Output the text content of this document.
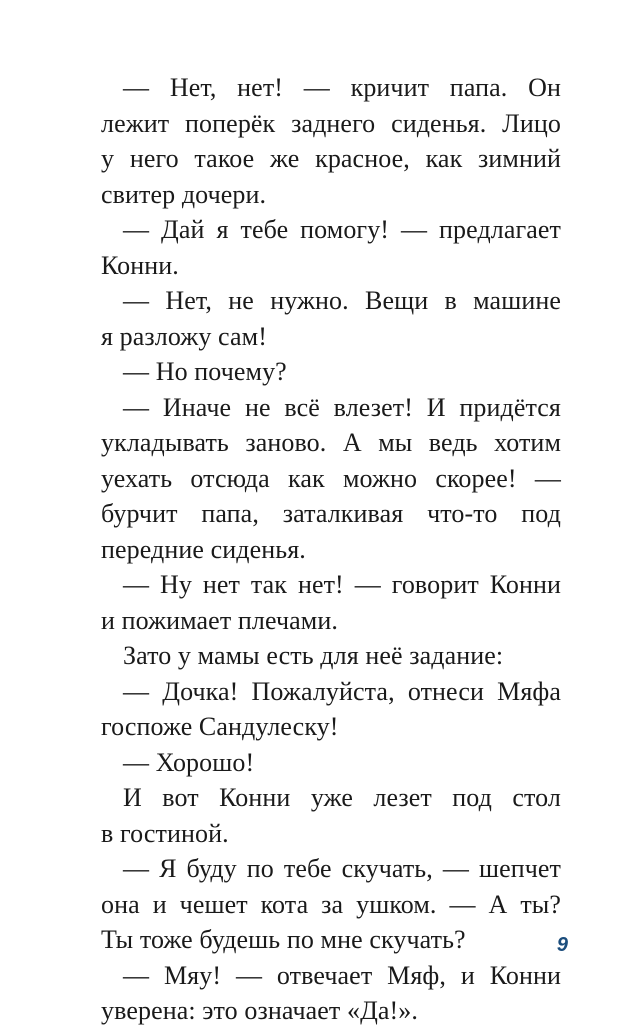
— Нет, нет! — кричит папа. Он
лежит поперёк заднего сиденья. Лицо
у него такое же красное, как зимний
свитер дочери.
— Дай я тебе помогу! — предлагает
Конни.
— Нет, не нужно. Вещи в машине
я разложу сам!
— Но почему?
— Иначе не всё влезет! И придётся
укладывать заново. А мы ведь хотим
уехать отсюда как можно скорее! —
бурчит папа, заталкивая что-то под
передние сиденья.
— Ну нет так нет! — говорит Конни
и пожимает плечами.
Зато у мамы есть для неё задание:
— Дочка! Пожалуйста, отнеси Мяфа
госпоже Сандулеску!
— Хорошо!
И вот Конни уже лезет под стол
в гостиной.
— Я буду по тебе скучать, — шепчет
она и чешет кота за ушком. — А ты?
Ты тоже будешь по мне скучать?
— Мяу! — отвечает Мяф, и Конни
уверена: это означает «Да!».
9
